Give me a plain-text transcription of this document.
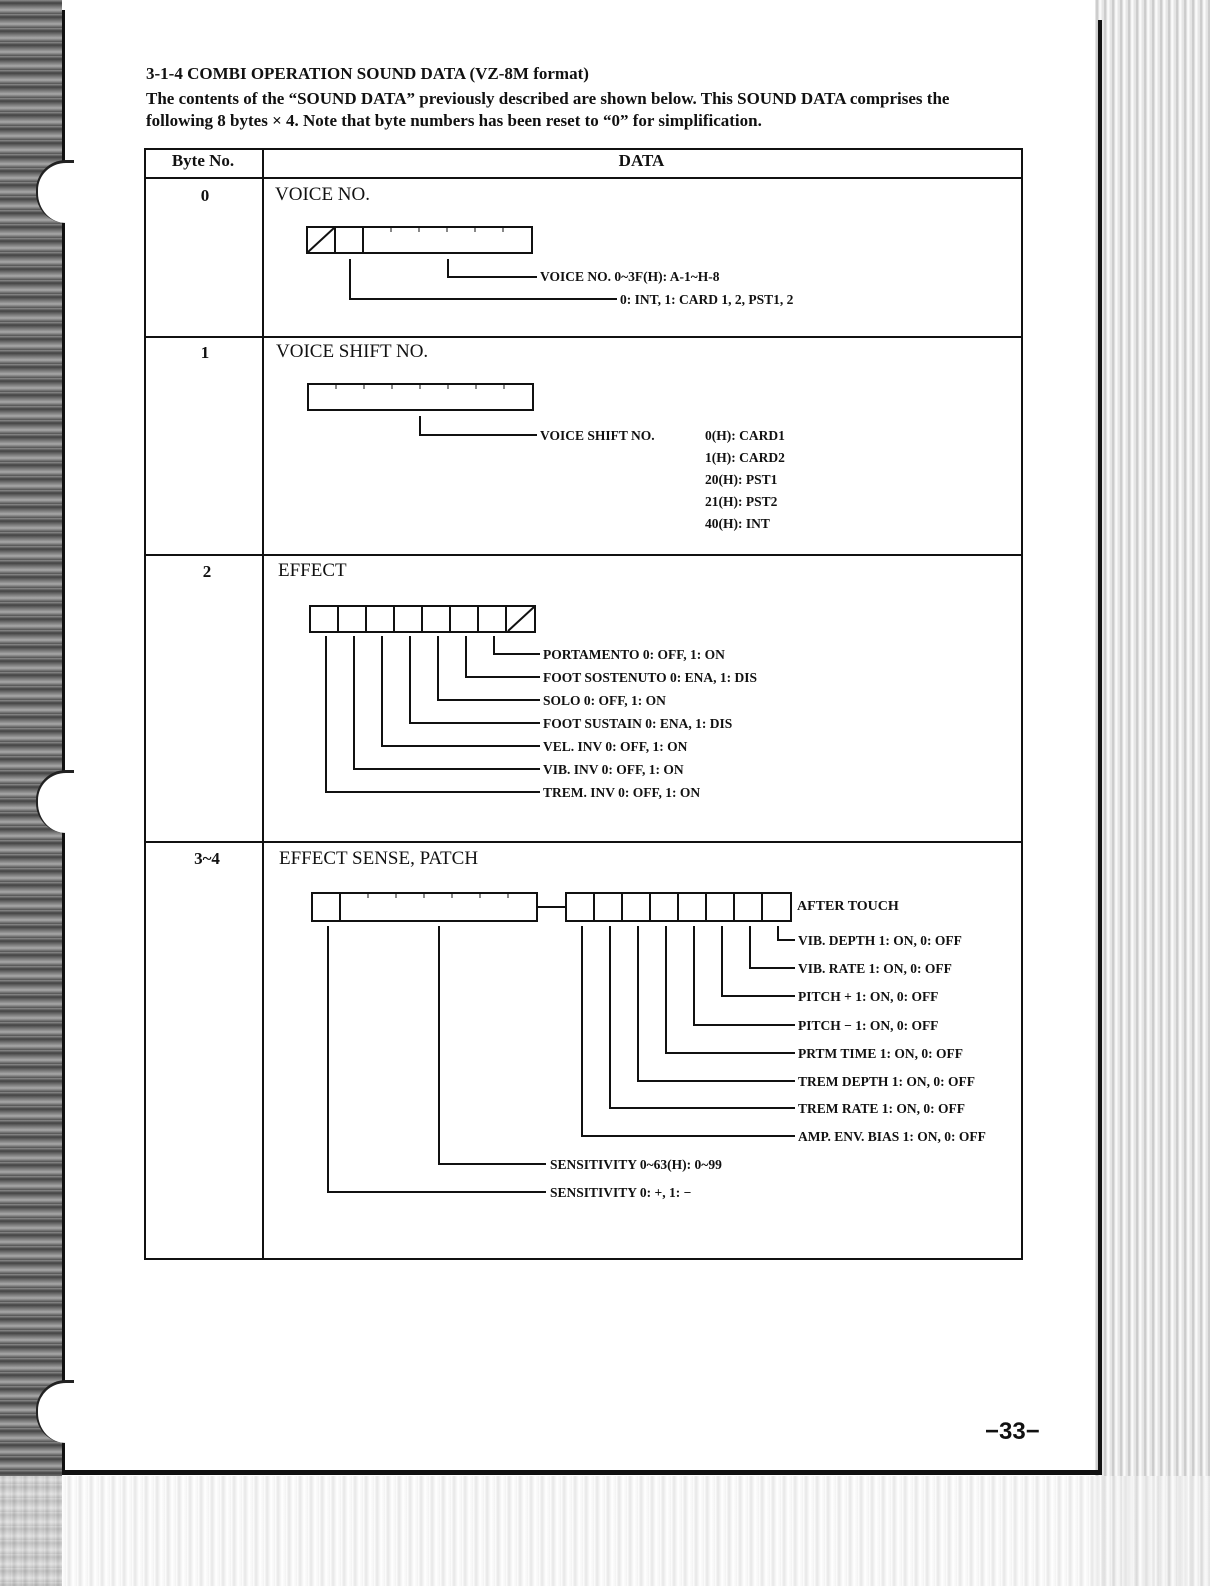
3-1-4 COMBI OPERATION SOUND DATA (VZ-8M format)
The contents of the “SOUND DATA” previously described are shown below. This SOUND DATA comprises the
following 8 bytes × 4. Note that byte numbers has been reset to “0” for simplification.
Byte No.	DATA
0	VOICE NO.
1	VOICE SHIFT NO.
2	EFFECT
3~4	EFFECT SENSE, PATCH
VOICE NO. 0~3F(H): A-1~H-8
0: INT, 1: CARD 1, 2, PST1, 2
VOICE SHIFT NO.	0(H): CARD1
1(H): CARD2
20(H): PST1
21(H): PST2
40(H): INT
PORTAMENTO 0: OFF, 1: ON
FOOT SOSTENUTO 0: ENA, 1: DIS
SOLO 0: OFF, 1: ON
FOOT SUSTAIN 0: ENA, 1: DIS
VEL. INV 0: OFF, 1: ON
VIB. INV 0: OFF, 1: ON
TREM. INV 0: OFF, 1: ON
AFTER TOUCH
VIB. DEPTH 1: ON, 0: OFF
VIB. RATE 1: ON, 0: OFF
PITCH + 1: ON, 0: OFF
PITCH − 1: ON, 0: OFF
PRTM TIME 1: ON, 0: OFF
TREM DEPTH 1: ON, 0: OFF
TREM RATE 1: ON, 0: OFF
AMP. ENV. BIAS 1: ON, 0: OFF
SENSITIVITY 0~63(H): 0~99
SENSITIVITY 0: +, 1: −
−33−
